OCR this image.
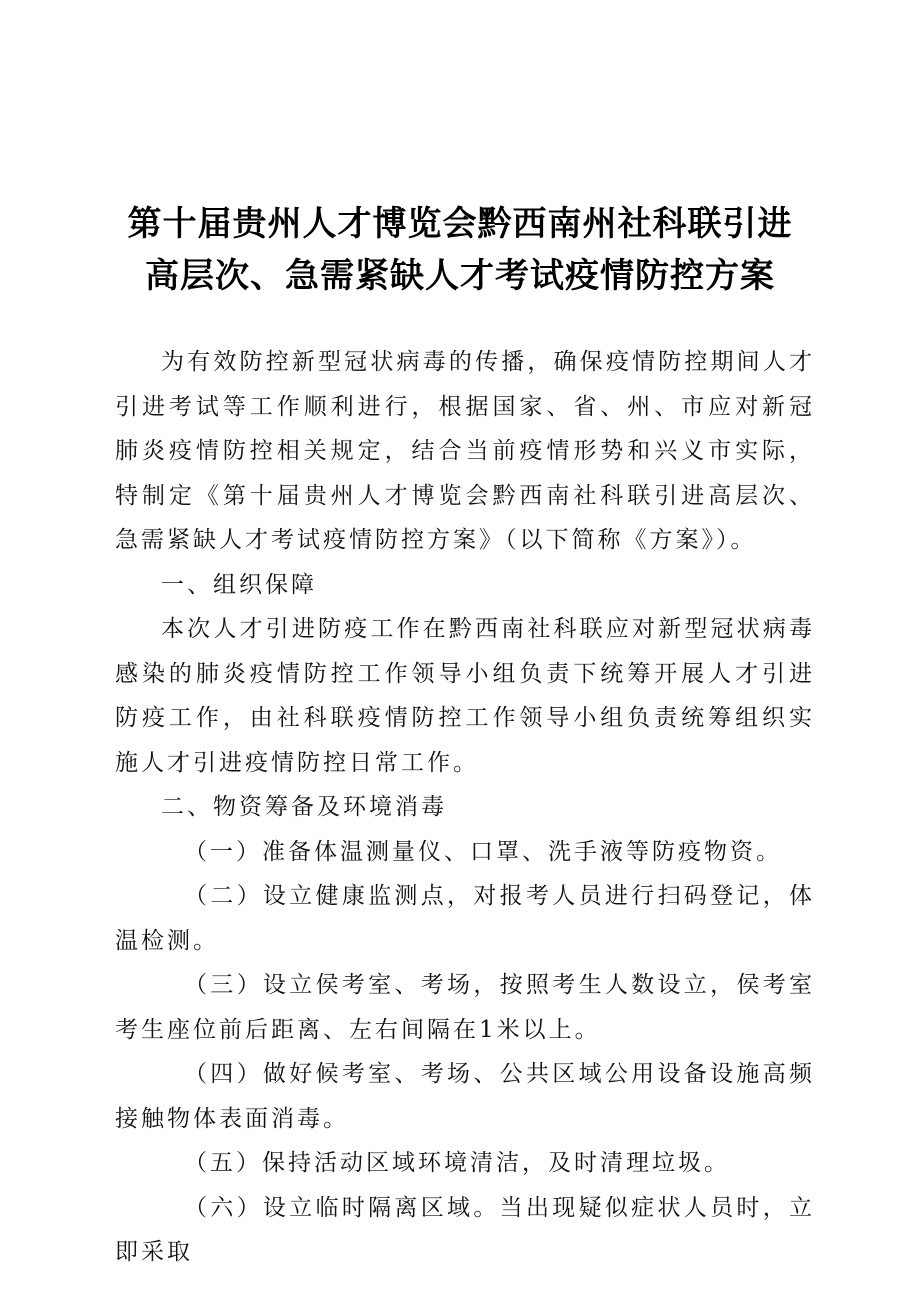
第十届贵州人才博览会黔西南州社科联引进
高层次、急需紧缺人才考试疫情防控方案

为有效防控新型冠状病毒的传播，确保疫情防控期间人才引进考试等工作顺利进行，根据国家、省、州、市应对新冠肺炎疫情防控相关规定，结合当前疫情形势和兴义市实际，特制定《第十届贵州人才博览会黔西南社科联引进高层次、急需紧缺人才考试疫情防控方案》（以下简称《方案》）。

一、组织保障

本次人才引进防疫工作在黔西南社科联应对新型冠状病毒感染的肺炎疫情防控工作领导小组负责下统筹开展人才引进防疫工作，由社科联疫情防控工作领导小组负责统筹组织实施人才引进疫情防控日常工作。

二、物资筹备及环境消毒

（一）准备体温测量仪、口罩、洗手液等防疫物资。

（二）设立健康监测点，对报考人员进行扫码登记，体温检测。

（三）设立侯考室、考场，按照考生人数设立，侯考室考生座位前后距离、左右间隔在1米以上。

（四）做好候考室、考场、公共区域公用设备设施高频接触物体表面消毒。

（五）保持活动区域环境清洁，及时清理垃圾。

（六）设立临时隔离区域。当出现疑似症状人员时，立即采取
